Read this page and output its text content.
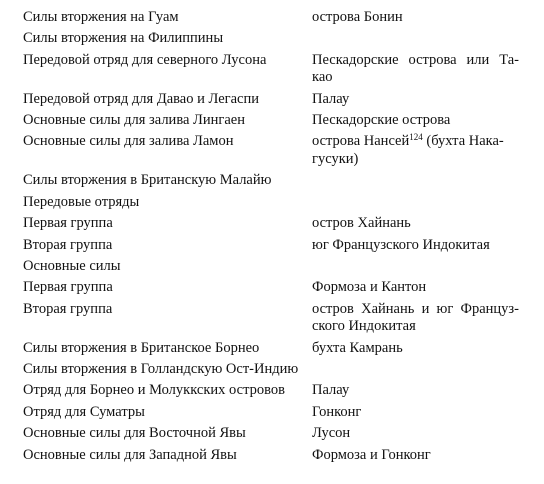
Силы вторжения на Гуам	острова Бонин
Силы вторжения на Филиппины
Передовой отряд для северного Лусона	Пескадорские острова или Та-
као
Передовой отряд для Давао и Легаспи	Палау
Основные силы для залива Лингаен	Пескадорские острова
Основные силы для залива Ламон	острова Нансей$^{124}$ (бухта Нака-
гусуки)
Силы вторжения в Британскую Малайю
Передовые отряды
Первая группа	остров Хайнань
Вторая группа	юг Французского Индокитая
Основные силы
Первая группа	Формоза и Кантон
Вторая группа	остров Хайнань и юг Француз-
ского Индокитая
Силы вторжения в Британское Борнео	бухта Камрань
Силы вторжения в Голландскую Ост-Индию
Отряд для Борнео и Молуккских островов	Палау
Отряд для Суматры	Гонконг
Основные силы для Восточной Явы	Лусон
Основные силы для Западной Явы	Формоза и Гонконг
